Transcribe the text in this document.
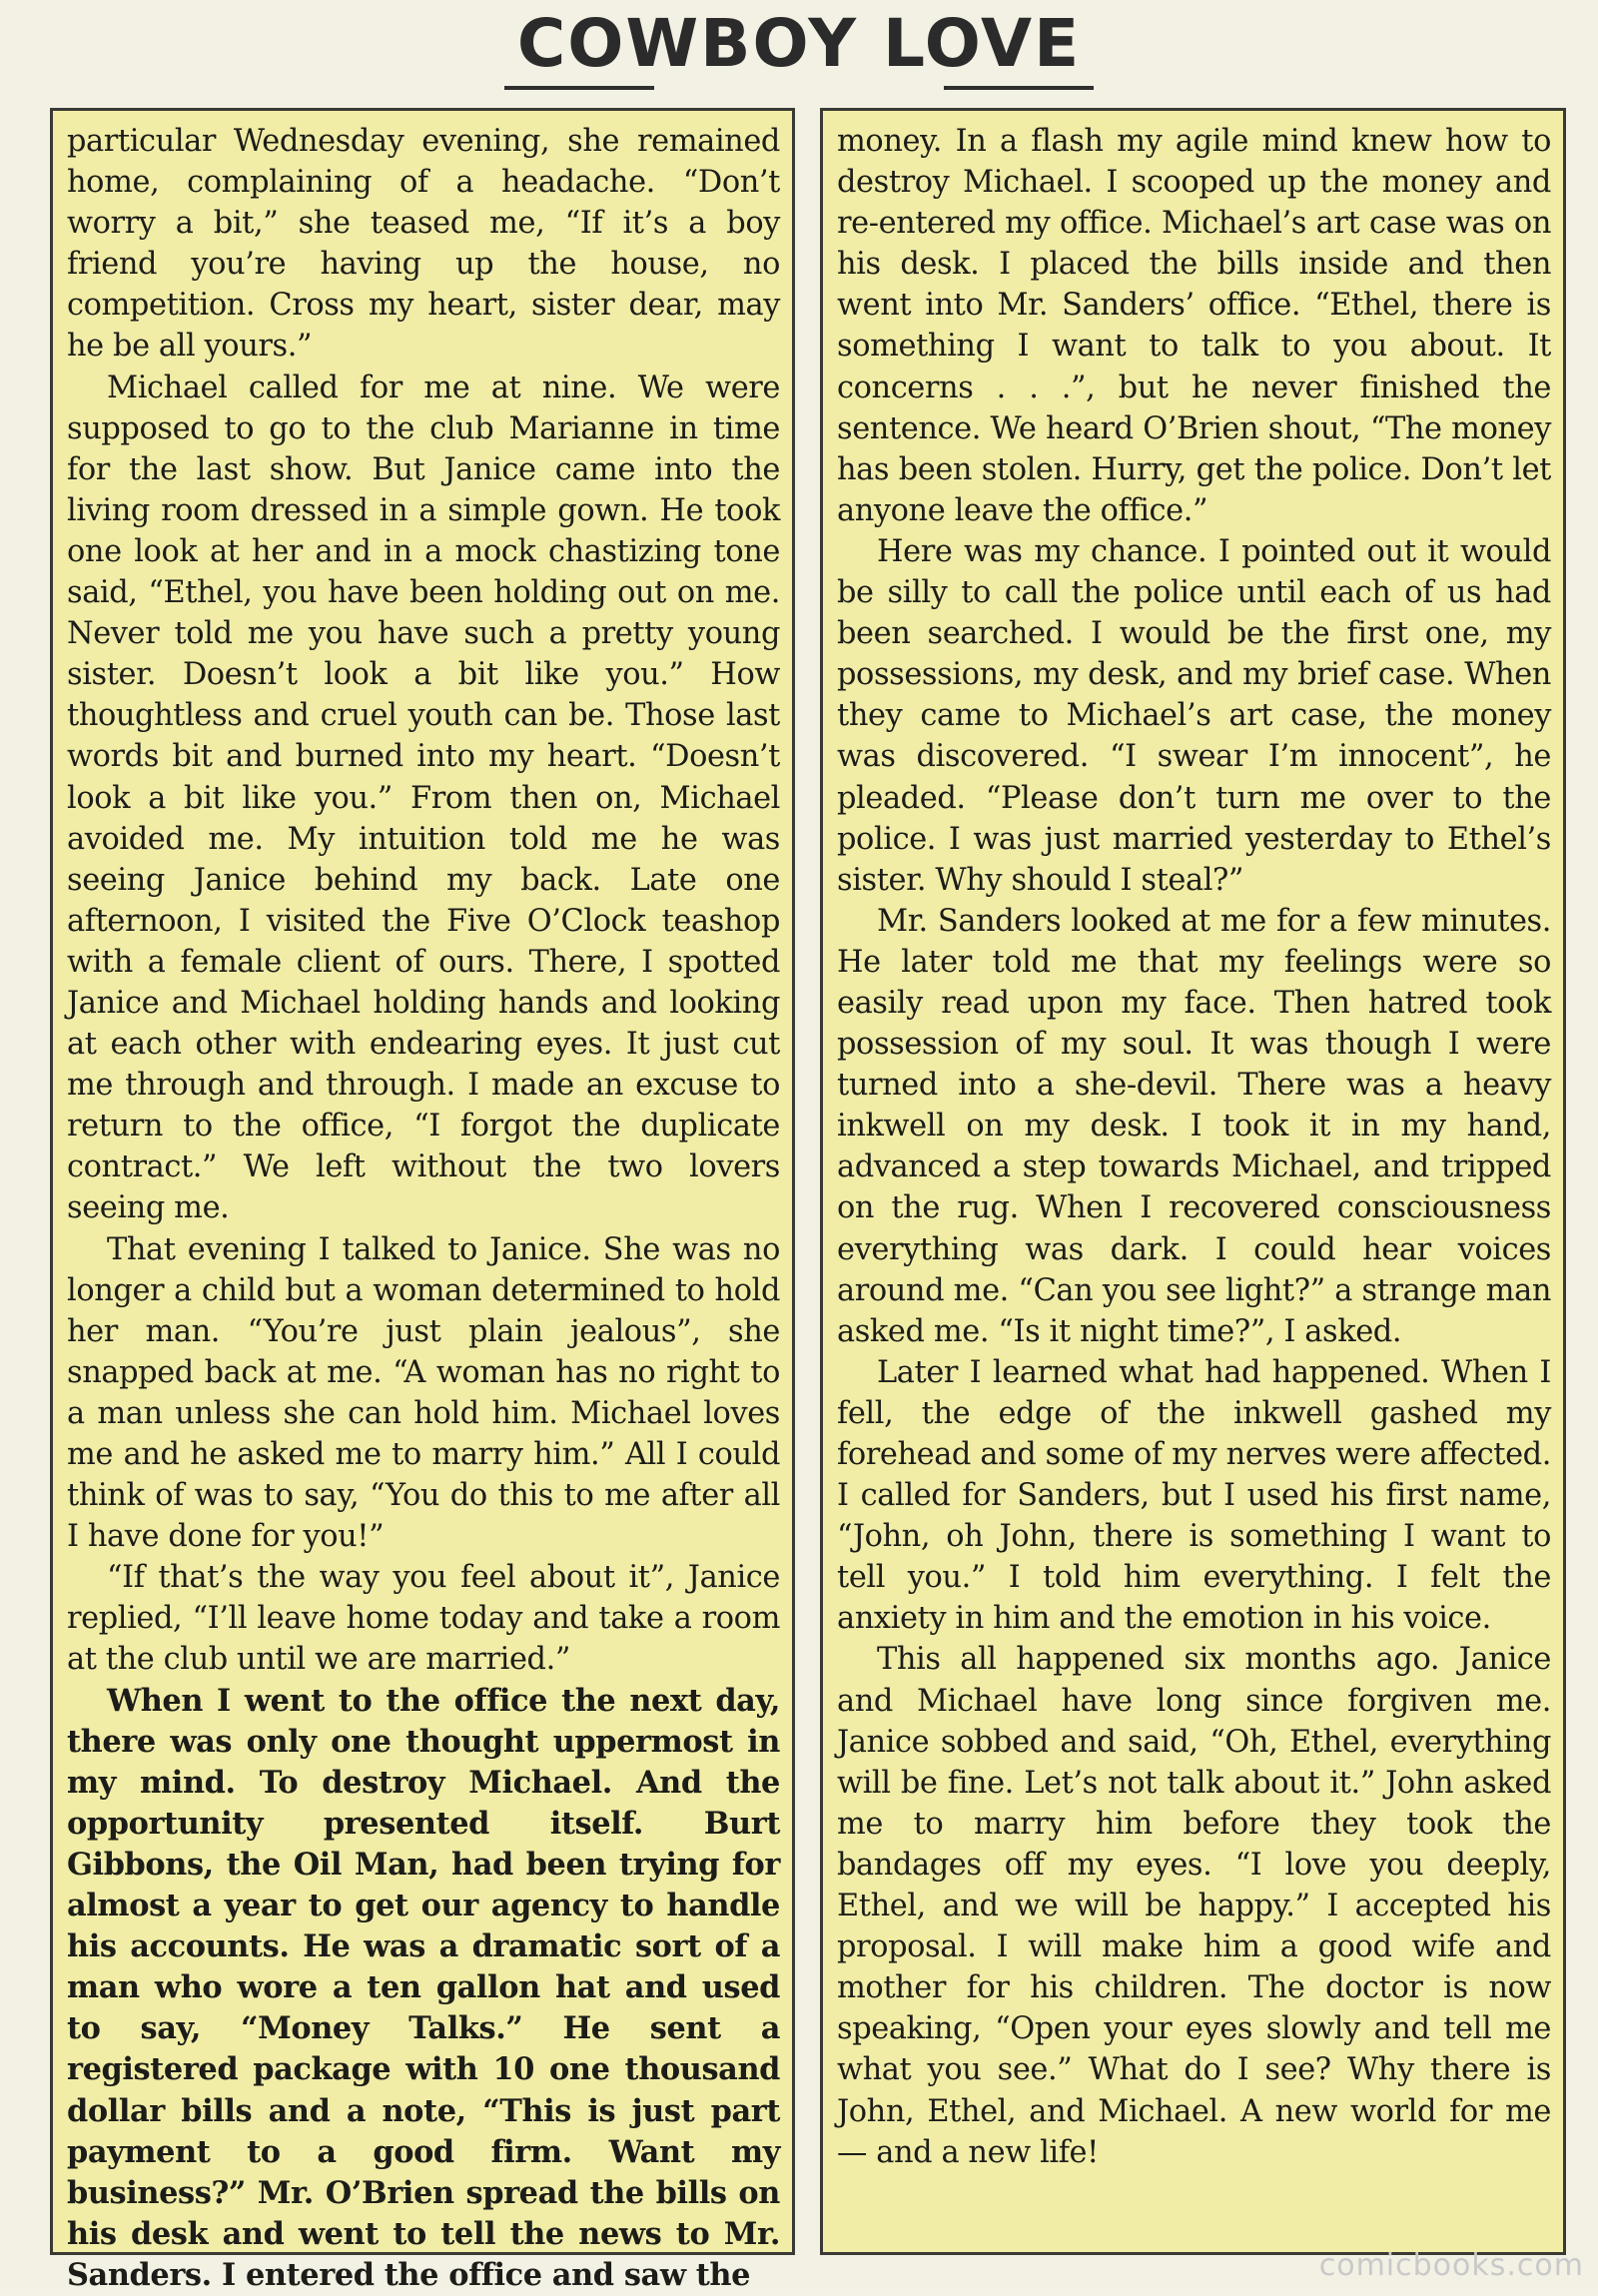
COWBOY LOVE

particular Wednesday evening, she remained home, complaining of a headache. “Don’t worry a bit,” she teased me, “If it’s a boy friend you’re having up the house, no competition. Cross my heart, sister dear, may he be all yours.”

Michael called for me at nine. We were supposed to go to the club Marianne in time for the last show. But Janice came into the living room dressed in a simple gown. He took one look at her and in a mock chastizing tone said, “Ethel, you have been holding out on me. Never told me you have such a pretty young sister. Doesn’t look a bit like you.” How thoughtless and cruel youth can be. Those last words bit and burned into my heart. “Doesn’t look a bit like you.” From then on, Michael avoided me. My intuition told me he was seeing Janice behind my back. Late one afternoon, I visited the Five O’Clock teashop with a female client of ours. There, I spotted Janice and Michael holding hands and looking at each other with endearing eyes. It just cut me through and through. I made an excuse to return to the office, “I forgot the duplicate contract.” We left without the two lovers seeing me.

That evening I talked to Janice. She was no longer a child but a woman determined to hold her man. “You’re just plain jealous”, she snapped back at me. “A woman has no right to a man unless she can hold him. Michael loves me and he asked me to marry him.” All I could think of was to say, “You do this to me after all I have done for you!”

“If that’s the way you feel about it”, Janice replied, “I’ll leave home today and take a room at the club until we are married.”

When I went to the office the next day, there was only one thought uppermost in my mind. To destroy Michael. And the opportunity presented itself. Burt Gibbons, the Oil Man, had been trying for almost a year to get our agency to handle his accounts. He was a dramatic sort of a man who wore a ten gallon hat and used to say, “Money Talks.” He sent a registered package with 10 one thousand dollar bills and a note, “This is just part payment to a good firm. Want my business?” Mr. O’Brien spread the bills on his desk and went to tell the news to Mr. Sanders. I entered the office and saw the

money. In a flash my agile mind knew how to destroy Michael. I scooped up the money and re-entered my office. Michael’s art case was on his desk. I placed the bills inside and then went into Mr. Sanders’ office. “Ethel, there is something I want to talk to you about. It concerns . . .”, but he never finished the sentence. We heard O’Brien shout, “The money has been stolen. Hurry, get the police. Don’t let anyone leave the office.”

Here was my chance. I pointed out it would be silly to call the police until each of us had been searched. I would be the first one, my possessions, my desk, and my brief case. When they came to Michael’s art case, the money was discovered. “I swear I’m innocent”, he pleaded. “Please don’t turn me over to the police. I was just married yesterday to Ethel’s sister. Why should I steal?”

Mr. Sanders looked at me for a few minutes. He later told me that my feelings were so easily read upon my face. Then hatred took possession of my soul. It was though I were turned into a she-devil. There was a heavy inkwell on my desk. I took it in my hand, advanced a step towards Michael, and tripped on the rug. When I recovered consciousness everything was dark. I could hear voices around me. “Can you see light?” a strange man asked me. “Is it night time?”, I asked.

Later I learned what had happened. When I fell, the edge of the inkwell gashed my forehead and some of my nerves were affected. I called for Sanders, but I used his first name, “John, oh John, there is something I want to tell you.” I told him everything. I felt the anxiety in him and the emotion in his voice.

This all happened six months ago. Janice and Michael have long since forgiven me. Janice sobbed and said, “Oh, Ethel, everything will be fine. Let’s not talk about it.” John asked me to marry him before they took the bandages off my eyes. “I love you deeply, Ethel, and we will be happy.” I accepted his proposal. I will make him a good wife and mother for his children. The doctor is now speaking, “Open your eyes slowly and tell me what you see.” What do I see? Why there is John, Ethel, and Michael. A new world for me — and a new life!

comicbooks.com
